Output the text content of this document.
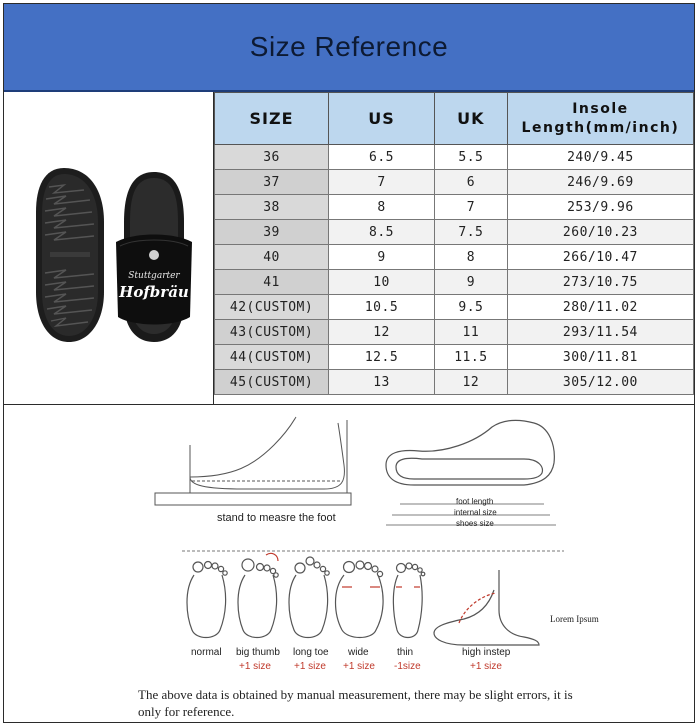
Size Reference
Stuttgarter
Hofbräu
SIZE	US	UK	Insole
Length(mm/inch)

36	6.5	5.5	240/9.45
37	7	6	246/9.69
38	8	7	253/9.96
39	8.5	7.5	260/10.23
40	9	8	266/10.47
41	10	9	273/10.75
42(CUSTOM)	10.5	9.5	280/11.02
43(CUSTOM)	12	11	293/11.54
44(CUSTOM)	12.5	11.5	300/11.81
45(CUSTOM)	13	12	305/12.00
stand to measre the foot
foot length
internal size
shoes size
normal big thumb
+1 size
long toe
+1 size
wide
+1 size
thin
-1size
high instep
+1 size
Lorem Ipsum
The above data is obtained by manual measurement, there may be slight errors, it is only for reference.
